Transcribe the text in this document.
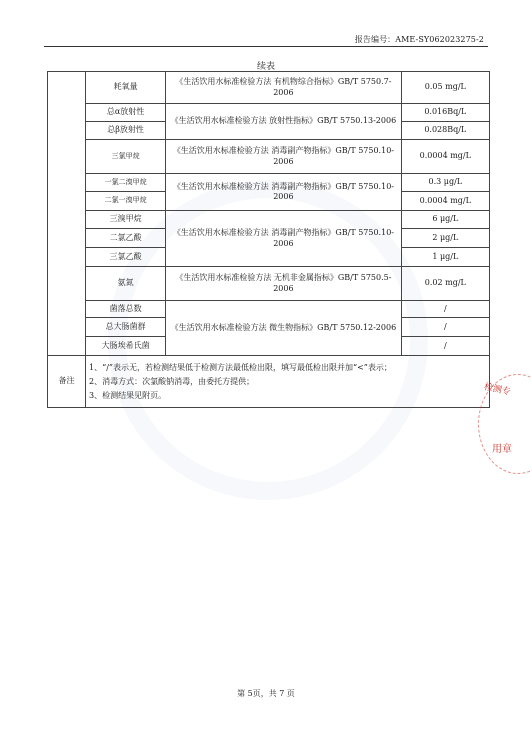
报告编号：AME-SY062023275-2
续表
	耗氧量	《生活饮用水标准检验方法 有机物综合指标》GB/T 5750.7-2006	0.05 mg/L
	总α放射性	《生活饮用水标准检验方法 放射性指标》GB/T 5750.13-2006	0.016Bq/L
	总β放射性		0.028Bq/L
	三氯甲烷	《生活饮用水标准检验方法 消毒副产物指标》GB/T 5750.10-2006	0.0004 mg/L
	一氯二溴甲烷	《生活饮用水标准检验方法 消毒副产物指标》GB/T 5750.10-2006	0.3 μg/L
	二氯一溴甲烷		0.0004 mg/L
	三溴甲烷	《生活饮用水标准检验方法 消毒副产物指标》GB/T 5750.10-2006	6 μg/L
	二氯乙酸		2 μg/L
	三氯乙酸		1 μg/L
	氨氮	《生活饮用水标准检验方法 无机非金属指标》GB/T 5750.5-2006	0.02 mg/L
	菌落总数	《生活饮用水标准检验方法 微生物指标》GB/T 5750.12-2006	/
	总大肠菌群		/
	大肠埃希氏菌		/
备注	1、“/”表示无，若检测结果低于检测方法最低检出限，填写最低检出限并加“<”表示；
2、消毒方式：次氯酸钠消毒，由委托方提供；
3、检测结果见附页。			检测专
用章
第 5页，共 7 页
